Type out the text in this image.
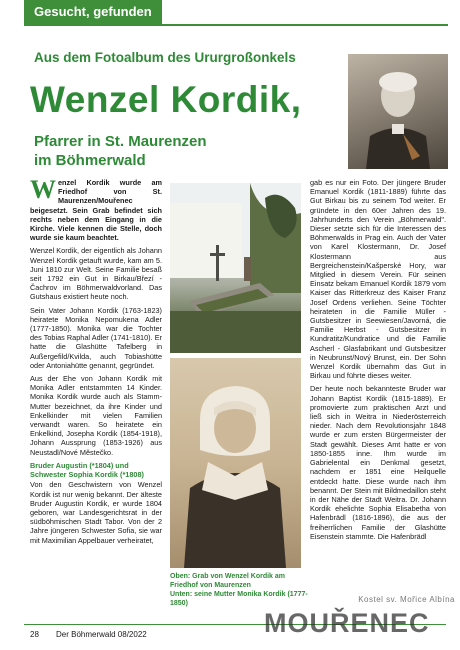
Gesucht, gefunden
Aus dem Fotoalbum des Ururgroßonkels
Wenzel Kordik,
Pfarrer in St. Maurenzen
im Böhmerwald

Wenzel Kordik wurde am Friedhof von St. Maurenzen/Mouřenec beigesetzt. Sein Grab befindet sich rechts neben dem Eingang in die Kirche. Viele kennen die Stelle, doch wurde sie kaum beachtet.

Wenzel Kordik, der eigentlich als Johann Wenzel Kordik getauft wurde, kam am 5. Juni 1810 zur Welt. Seine Familie besaß seit 1792 ein Gut in Birkau/Březí - Čachrov im Böhmerwaldvorland. Das Gutshaus existiert heute noch.

Sein Vater Johann Kordik (1763-1823) heiratete Monika Nepomukena Adler (1777-1850). Monika war die Tochter des Tobias Raphal Adler (1741-1810). Er hatte die Glashütte Tafelberg in Außergefild/Kvilda, auch Tobiashütte oder Antoniahütte genannt, gegründet.

Aus der Ehe von Johann Kordik mit Monika Adler entstammten 14 Kinder. Monika Kordik wurde auch als Stamm-Mutter bezeichnet, da ihre Kinder und Enkelkinder mit vielen Familien verwandt waren. So heiratete ein Enkelkind, Josepha Kordik (1854-1918), Johann Aussprung (1853-1926) aus Neustadl/Nové Městečko.

Bruder Augustin (*1804) und
Schwester Sophia Kordik (*1808)

Von den Geschwistern von Wenzel Kordik ist nur wenig bekannt. Der älteste Bruder Augustin Kordik, er wurde 1804 geboren, war Landesgerichtsrat in der südböhmischen Stadt Tabor. Von der 2 Jahre jüngeren Schwester Sofia, sie war mit Maximilian Appelbauer verheiratet,

Oben: Grab von Wenzel Kordik am Friedhof von Maurenzen
Unten: seine Mutter Monika Kordik (1777-1850)

gab es nur ein Foto. Der jüngere Bruder Emanuel Kordik (1811-1889) führte das Gut Birkau bis zu seinem Tod weiter. Er gründete in den 60er Jahren des 19. Jahrhunderts den Verein „Böhmerwald". Dieser setzte sich für die Interessen des Böhmerwalds in Prag ein. Auch der Vater von Karel Klostermann, Dr. Josef Klostermann aus Bergreichenstein/Kašperské Hory, war Mitglied in diesem Verein. Für seinen Einsatz bekam Emanuel Kordik 1879 vom Kaiser das Ritterkreuz des Kaiser Franz Josef Ordens verliehen. Seine Töchter heirateten in die Familie Müller - Gutsbesitzer in Seewiesen/Javorná, die Familie Herbst - Gutsbesitzer in Kundratitz/Kundratice und die Familie Ascherl - Glasfabrikant und Gutsbesitzer in Neubrunst/Nový Brunst, ein. Der Sohn Wenzel Kordik übernahm das Gut in Birkau und führte dieses weiter.

Der heute noch bekannteste Bruder war Johann Baptist Kordik (1815-1889). Er promovierte zum praktischen Arzt und ließ sich in Weitra in Niederösterreich nieder. Nach dem Revolutionsjahr 1848 wurde er zum ersten Bürgermeister der Stadt gewählt. Dieses Amt hatte er von 1850-1855 inne. Ihm wurde im Gabrielental ein Denkmal gesetzt, nachdem er 1851 eine Heilquelle entdeckt hatte. Diese wurde nach ihm benannt. Der Stein mit Bildmedaillon steht in der Nähe der Stadt Weitra. Dr. Johann Kordik ehelichte Sophia Elisabetha von Hafenbrädl (1816-1896), die aus der freiherrlichen Familie der Glashütte Eisenstein stammte. Die Hafenbrädl

28 Der Böhmerwald 08/2022
Kostel sv. Mořice Albína
MOUŘENEC
